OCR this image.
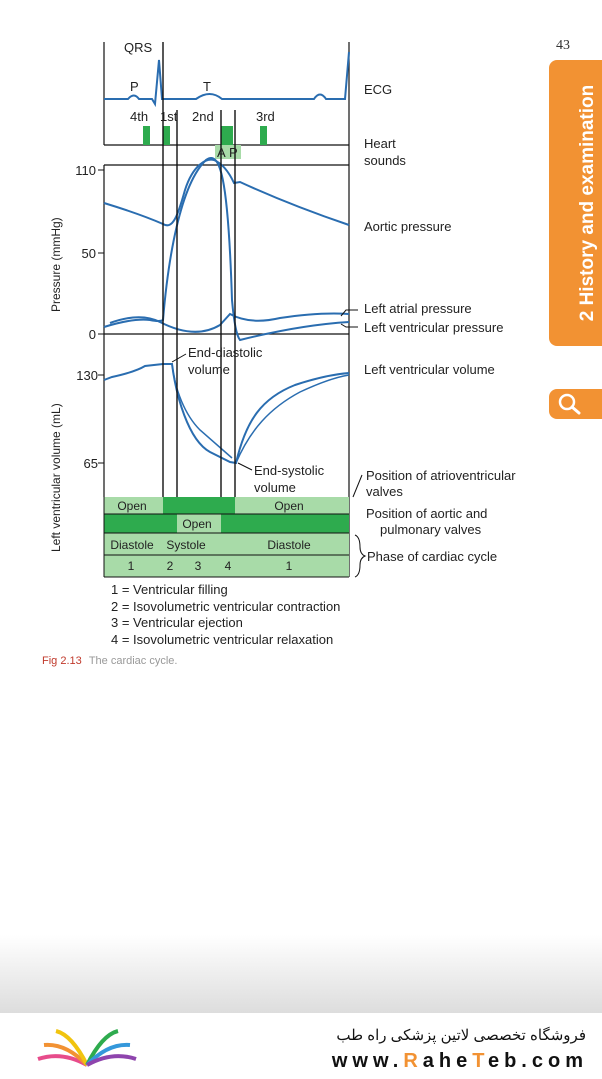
43
2 History and examination
QRS
P	T	ECG
4th 1st 2nd	3rd
A P
Heart
sounds
Pressure (mmHg)
110
50
0
Aortic pressure
Left atrial pressure
Left ventricular pressure
Left ventricular volume (mL)
130
65
Left ventricular volume
End-diastolic
volume
End-systolic
volume
Open	Open
Open
Diastole Systole	Diastole
1	2 3 4	1
Position of atrioventricular
valves
Position of aortic and
pulmonary valves
Phase of cardiac cycle
1 = Ventricular filling
2 = Isovolumetric ventricular contraction
3 = Ventricular ejection
4 = Isovolumetric ventricular relaxation
Fig 2.13 The cardiac cycle.
فروشگاه تخصصی لاتین پزشکی راه طب
www.RaheTeb.com
